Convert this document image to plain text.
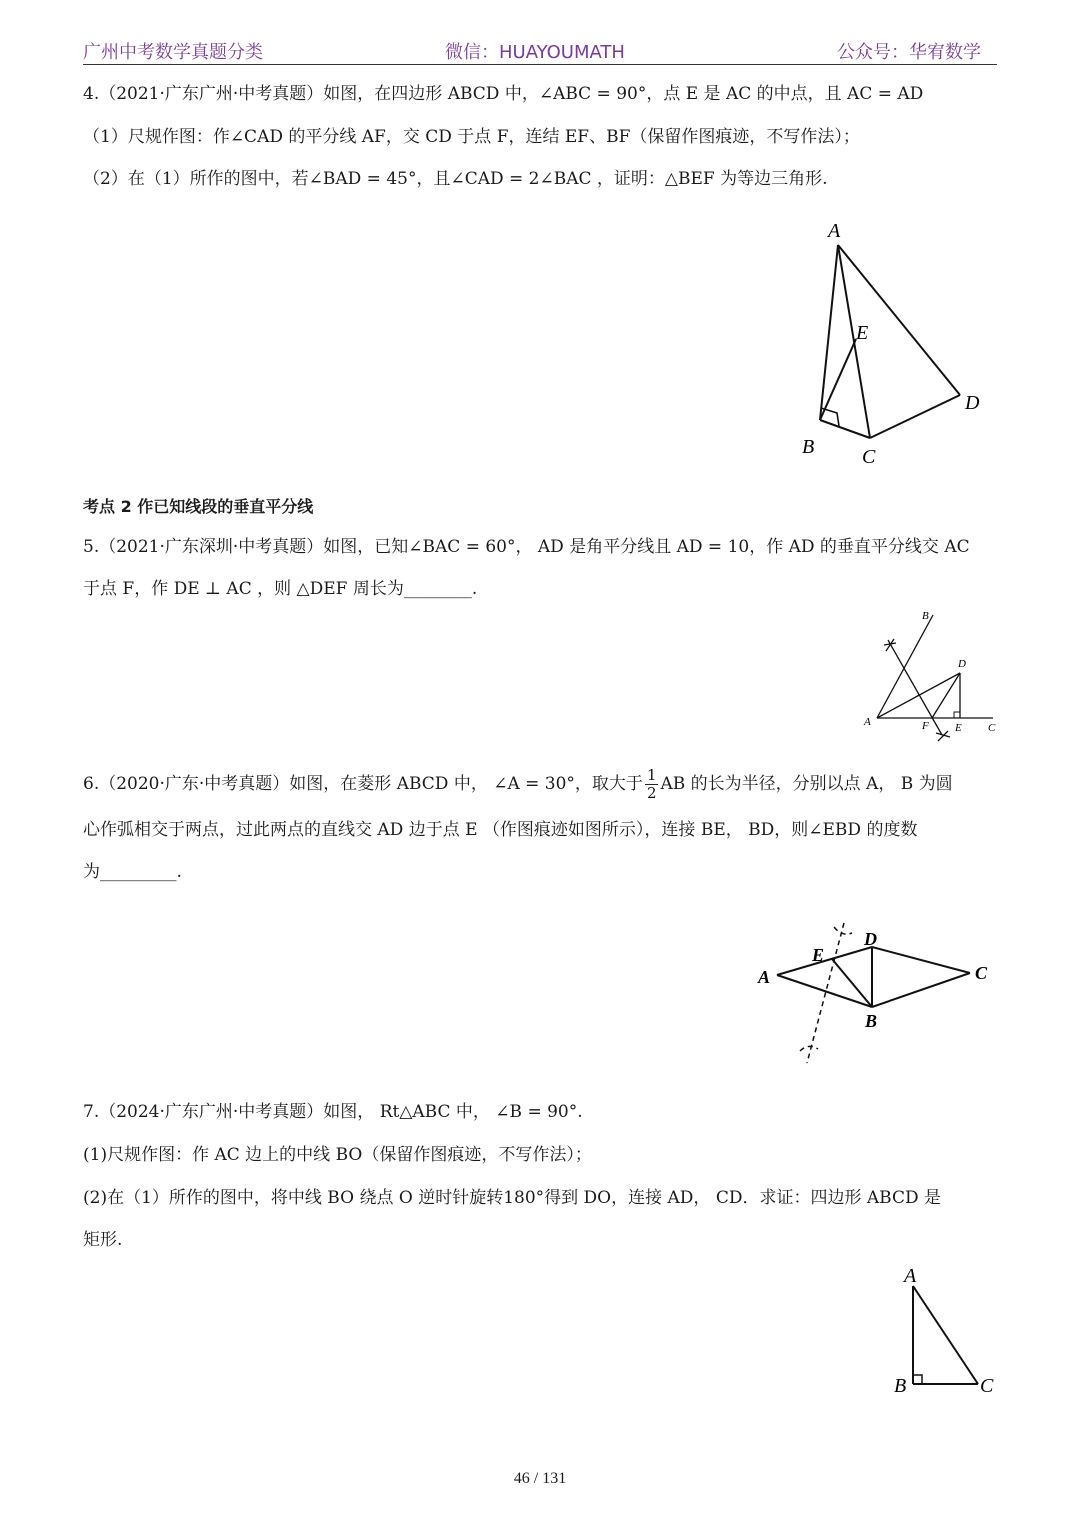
广州中考数学真题分类	微信：HUAYOUMATH	公众号：华宥数学
4.（2021·广东广州·中考真题）如图，在四边形 ABCD 中，∠ABC = 90°，点 E 是 AC 的中点，且 AC = AD
（1）尺规作图：作∠CAD 的平分线 AF，交 CD 于点 F，连结 EF、BF（保留作图痕迹，不写作法）；
（2）在（1）所作的图中，若∠BAD = 45°，且∠CAD = 2∠BAC ，证明：△BEF 为等边三角形.
A
E
D
B C
考点 2 作已知线段的垂直平分线
5.（2021·广东深圳·中考真题）如图，已知∠BAC = 60°， AD 是角平分线且 AD = 10，作 AD 的垂直平分线交 AC
于点 F，作 DE ⊥ AC ，则 △DEF 周长为________.
B
D
A	F E C
6.（2020·广东·中考真题）如图，在菱形 ABCD 中， ∠A = 30°，取大于 $\frac{1}{2}$ AB 的长为半径，分别以点 A， B 为圆
心作弧相交于两点，过此两点的直线交 AD 边于点 E （作图痕迹如图所示），连接 BE， BD，则∠EBD 的度数
为_________.
A
E
D
C
B
7.（2024·广东广州·中考真题）如图， Rt△ABC 中， ∠B = 90°.
(1)尺规作图：作 AC 边上的中线 BO（保留作图痕迹，不写作法）；
(2)在（1）所作的图中，将中线 BO 绕点 O 逆时针旋转180°得到 DO，连接 AD， CD．求证：四边形 ABCD 是
矩形.
A
B	C
46 / 131
